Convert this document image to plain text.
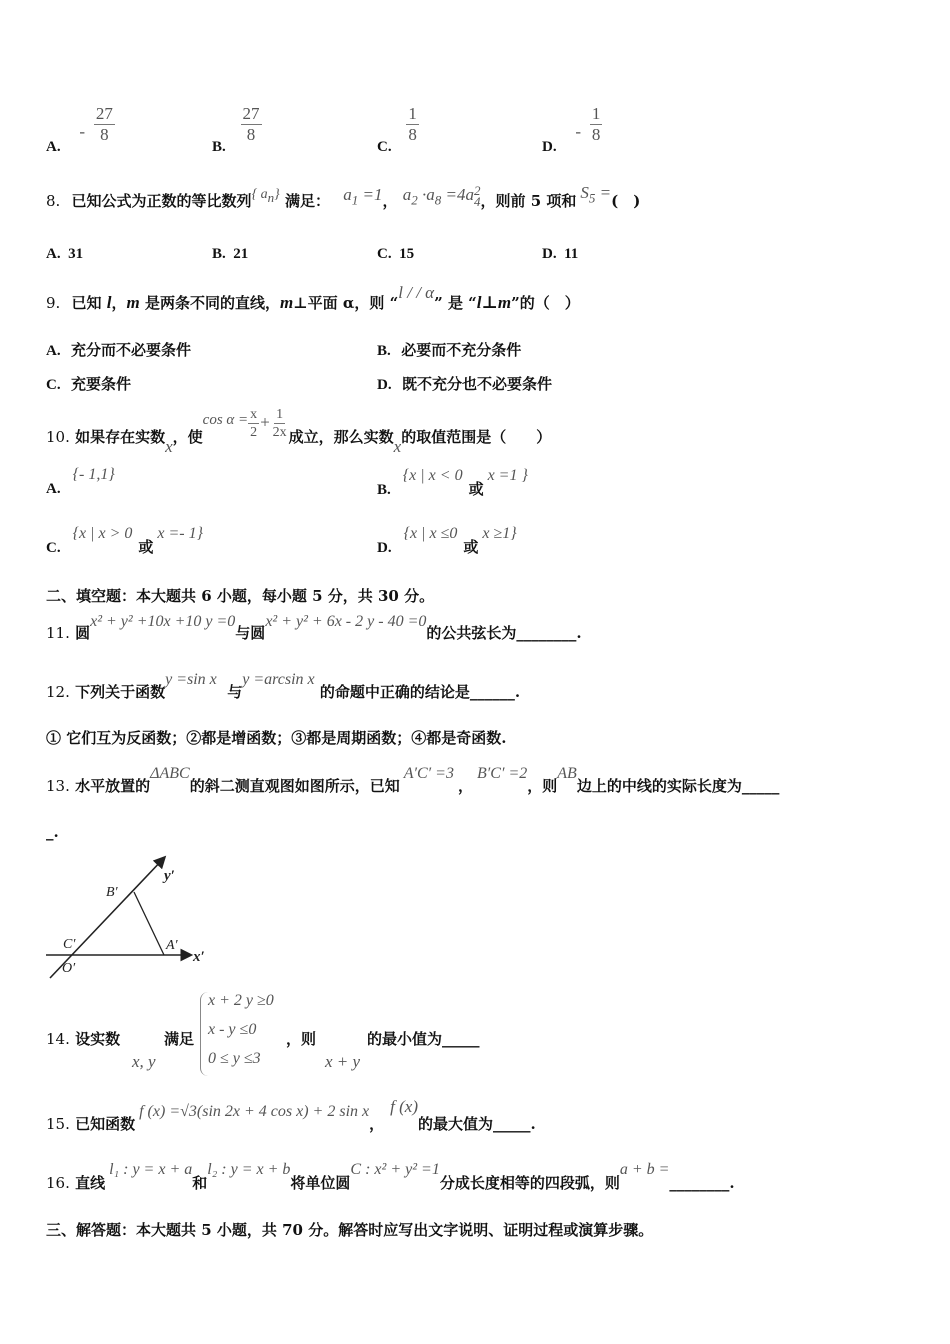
A. - $\frac{27}{8}$
B.
$\frac{27}{8}$
C.
$\frac{1}{8}$
D. - $\frac{1}{8}$
8. 已知公式为正数的等比数列{ $a_n$} 满足： $a_1 =1$， $a_2 \cdot a_8 =4a$ 2
4 ，则前 5 项和 $S_5$ =(　)
A. 31	B. 21	C. 15	D. 11
9. 已知 l，m 是两条不同的直线，m⊥平面 α，则 “l / / α” 是 “l⊥m”的（　）
A. 充分而不必要条件	B. 必要而不充分条件
C. 充要条件	D. 既不充分也不必要条件
10. 如果存在实数x，使$\cos \alpha = \frac{x}{2} + \frac{1}{2x}$ 成立，那么实数x的取值范围是（　　）
A.{- 1,1}
B.{x | x < 0或x =1 }
C.{x | x > 0或x =- 1}
D.{x | x ≤0或x ≥1}
二、填空题：本大题共 6 小题，每小题 5 分，共 30 分。
11. 圆x² + y² +10x +10 y =0与圆x² + y² + 6x - 2 y - 40 =0的公共弦长为________.
12. 下列关于函数y =sin x  与y =arcsin x 的命题中正确的结论是______.
① 它们互为反函数；②都是增函数；③都是周期函数；④都是奇函数.
13. 水平放置的ΔABC的斜二测直观图如图所示，已知A′C′ =3，B′C′ =2，则AB边上的中线的实际长度为_____
_.
y′
x′
B′
C′	A′
O′
14. 设实数
x, y
满足
x + 2 y ≥0
x - y ≤0
0 ≤ y ≤3
，则
x + y
的最小值为_____
15. 已知函数f (x) =√3(sin 2x + 4 cos x) + 2 sin x，f (x)的最大值为_____.
16. 直线l₁ : y = x + a和l₂ : y = x + b将单位圆C : x² + y² =1分成长度相等的四段弧，则a + b =________.
三、解答题：本大题共 5 小题，共 70 分。解答时应写出文字说明、证明过程或演算步骤。
